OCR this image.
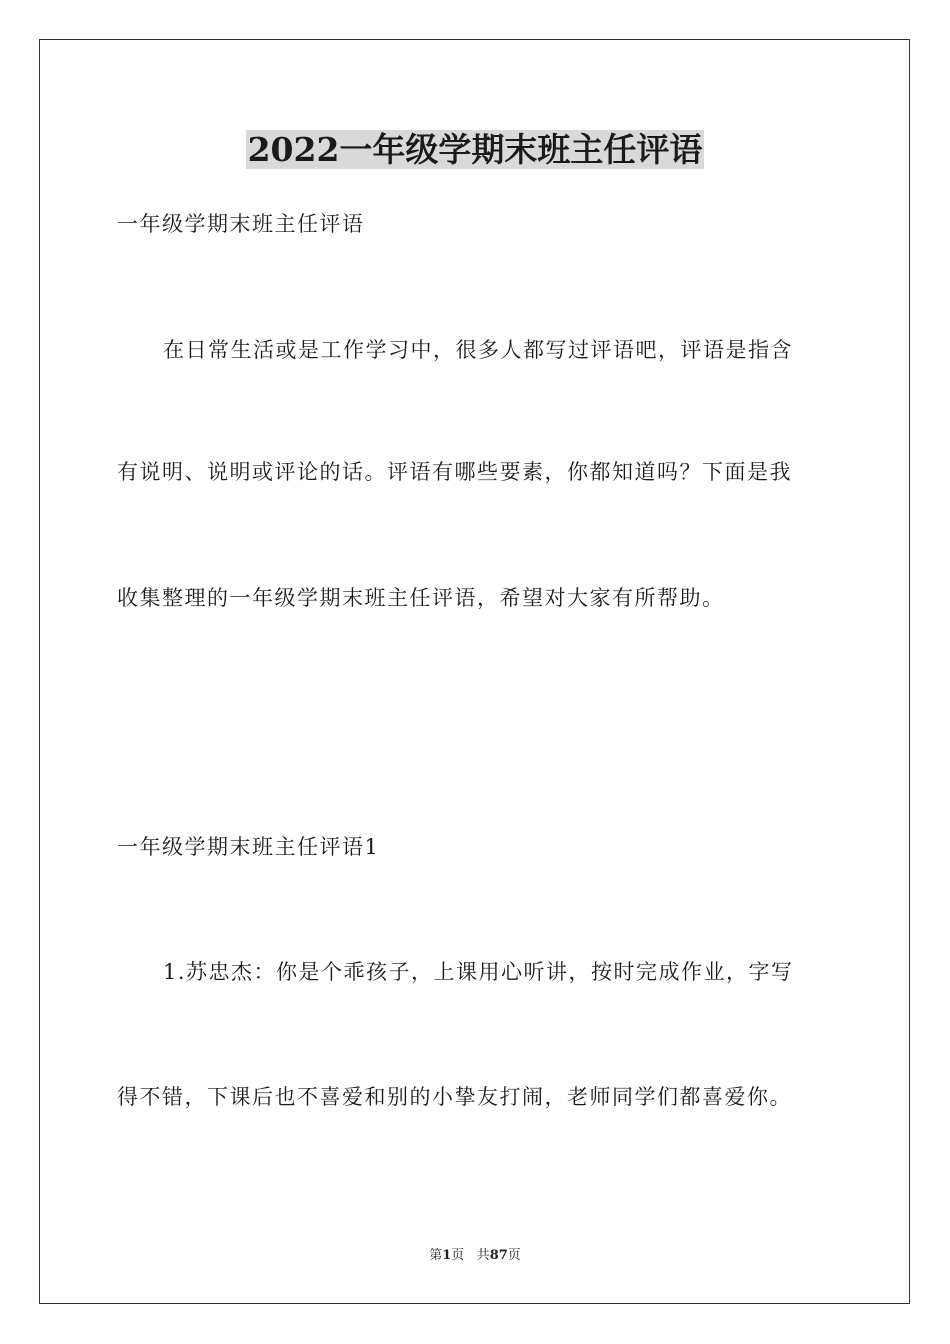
2022一年级学期末班主任评语

一年级学期末班主任评语

在日常生活或是工作学习中，很多人都写过评语吧，评语是指含

有说明、说明或评论的话。评语有哪些要素，你都知道吗？下面是我

收集整理的一年级学期末班主任评语，希望对大家有所帮助。

一年级学期末班主任评语1

1.苏忠杰：你是个乖孩子，上课用心听讲，按时完成作业，字写

得不错，下课后也不喜爱和别的小挚友打闹，老师同学们都喜爱你。

第1页 共87页
